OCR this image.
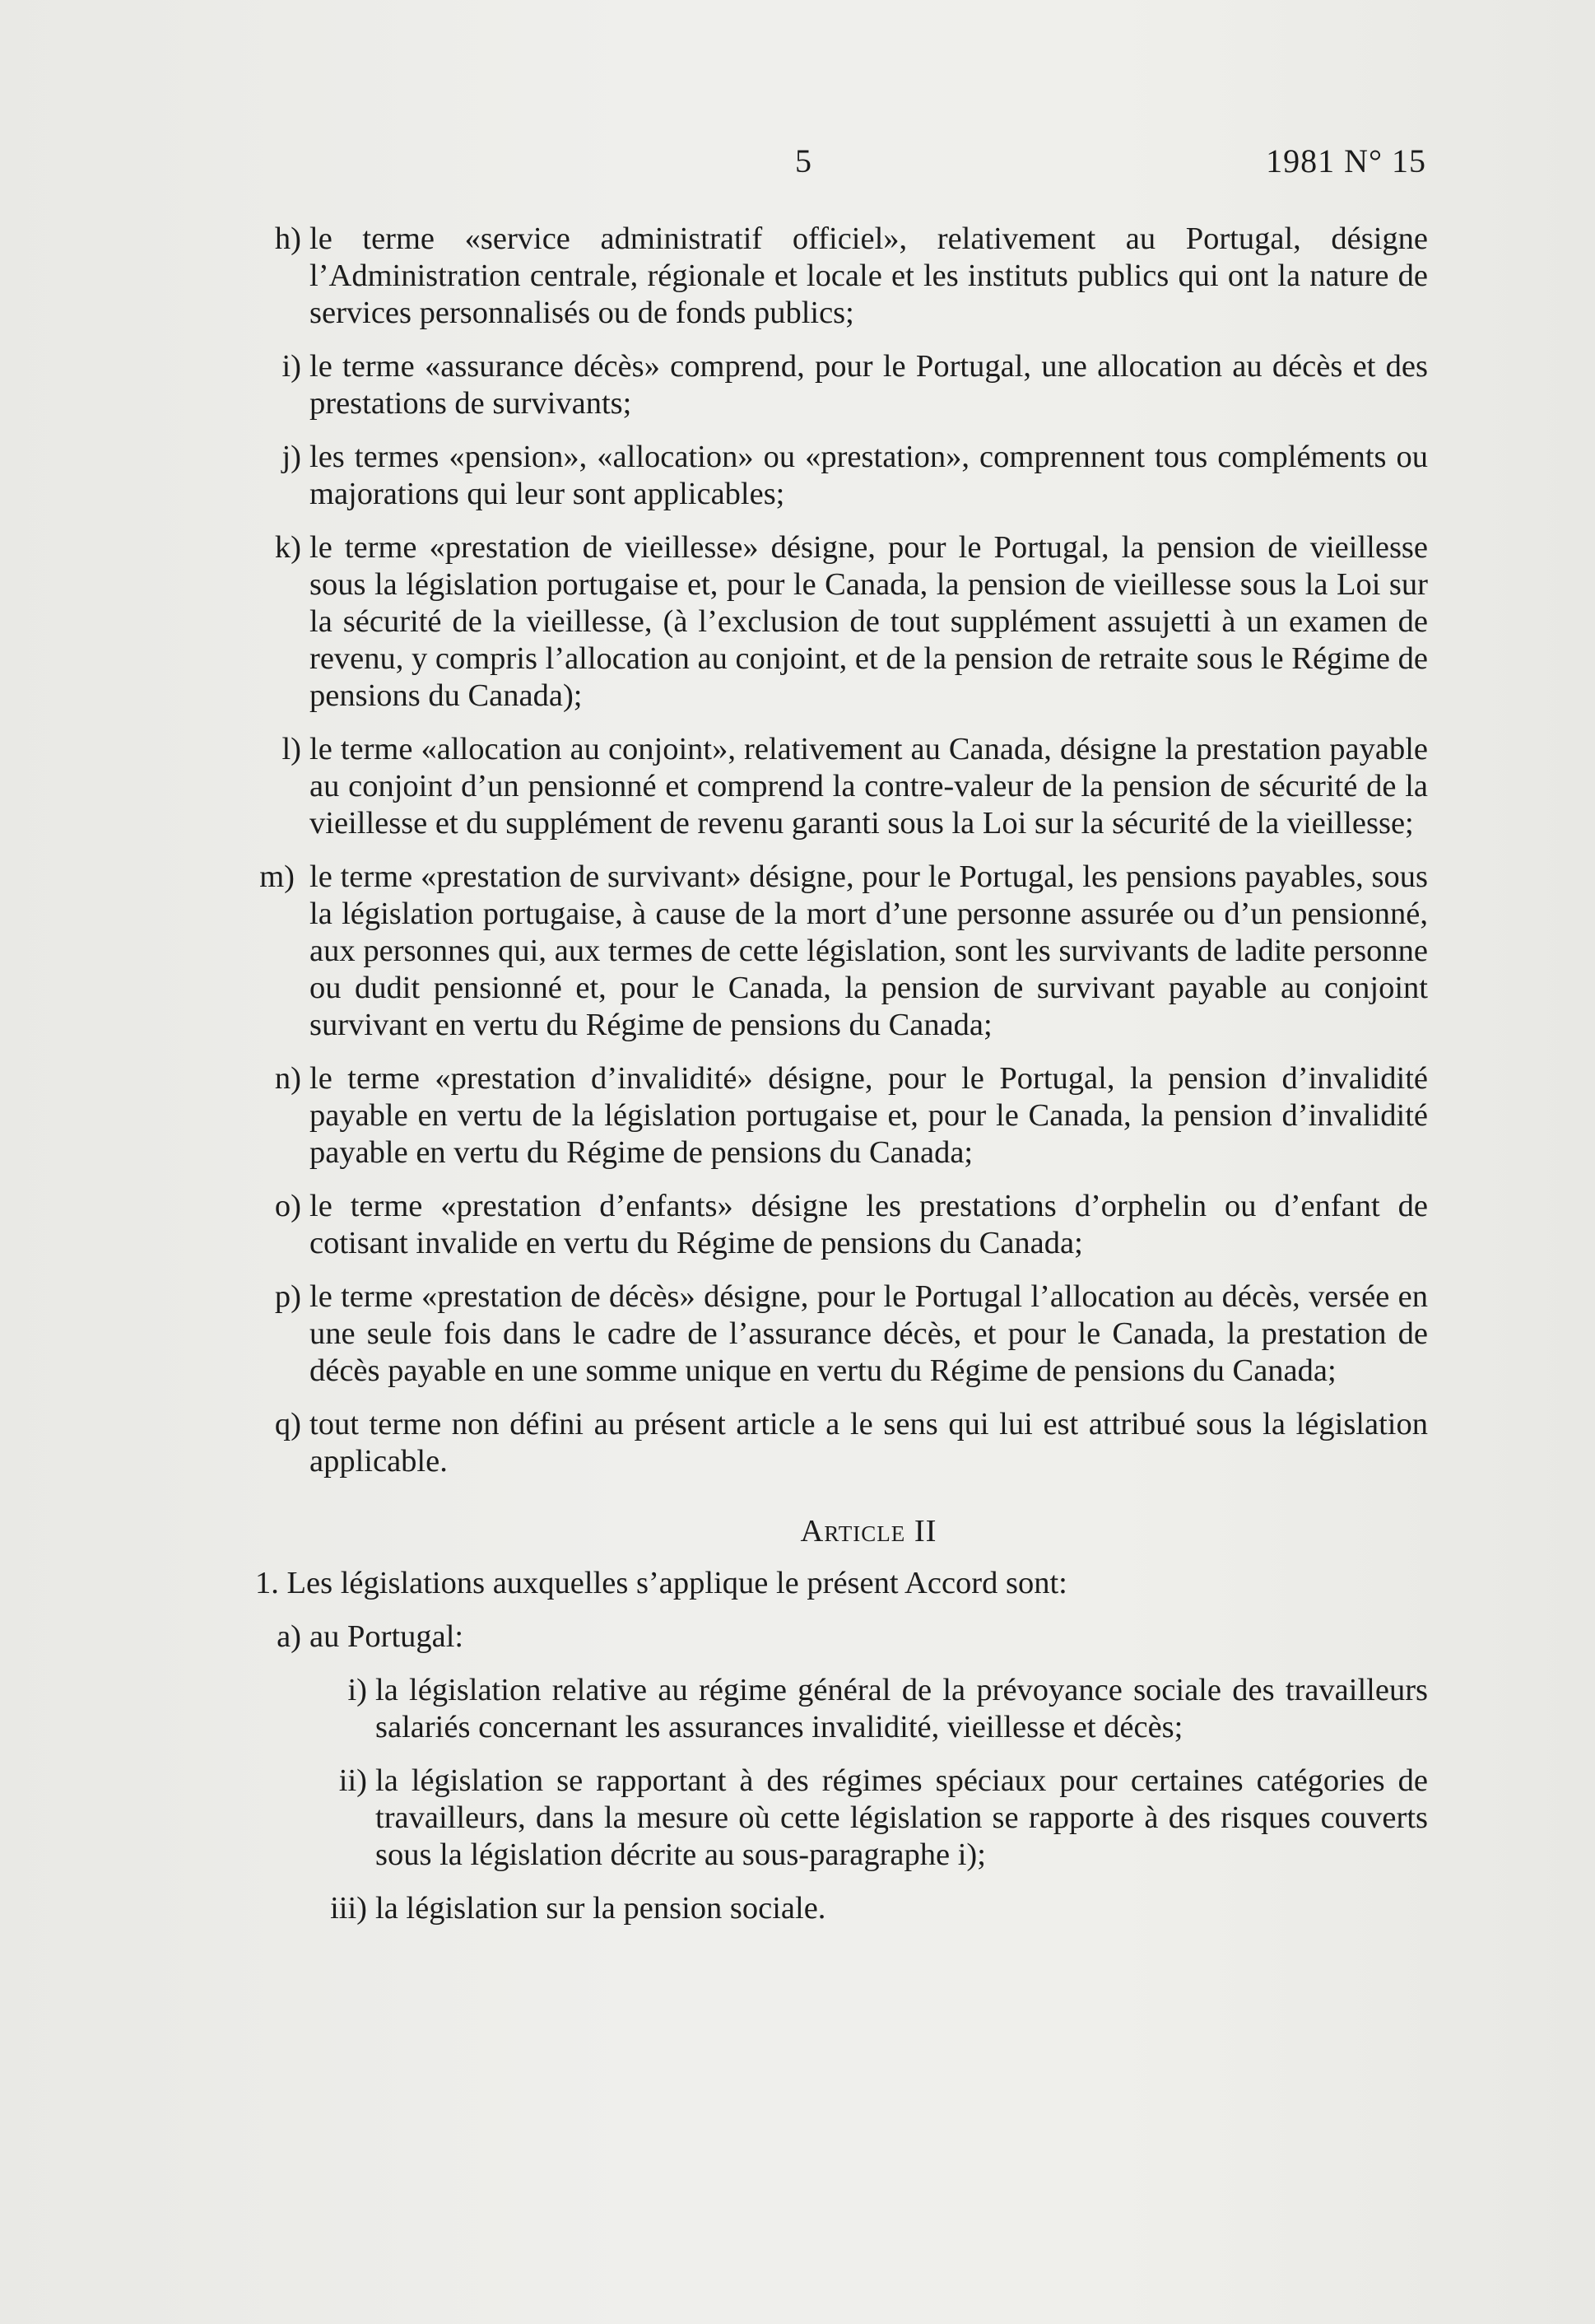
5	1981 N° 15
h) le terme «service administratif officiel», relativement au Portugal, désigne l’Administration centrale, régionale et locale et les instituts publics qui ont la nature de services personnalisés ou de fonds publics;
i) le terme «assurance décès» comprend, pour le Portugal, une allocation au décès et des prestations de survivants;
j) les termes «pension», «allocation» ou «prestation», comprennent tous compléments ou majorations qui leur sont applicables;
k) le terme «prestation de vieillesse» désigne, pour le Portugal, la pension de vieillesse sous la législation portugaise et, pour le Canada, la pension de vieillesse sous la Loi sur la sécurité de la vieillesse, (à l’exclusion de tout supplément assujetti à un examen de revenu, y compris l’allocation au conjoint, et de la pension de retraite sous le Régime de pensions du Canada);
l) le terme «allocation au conjoint», relativement au Canada, désigne la prestation payable au conjoint d’un pensionné et comprend la contre-valeur de la pension de sécurité de la vieillesse et du supplément de revenu garanti sous la Loi sur la sécurité de la vieillesse;
m) le terme «prestation de survivant» désigne, pour le Portugal, les pensions payables, sous la législation portugaise, à cause de la mort d’une personne assurée ou d’un pensionné, aux personnes qui, aux termes de cette législation, sont les survivants de ladite personne ou dudit pensionné et, pour le Canada, la pension de survivant payable au conjoint survivant en vertu du Régime de pensions du Canada;
n) le terme «prestation d’invalidité» désigne, pour le Portugal, la pension d’invalidité payable en vertu de la législation portugaise et, pour le Canada, la pension d’invalidité payable en vertu du Régime de pensions du Canada;
o) le terme «prestation d’enfants» désigne les prestations d’orphelin ou d’enfant de cotisant invalide en vertu du Régime de pensions du Canada;
p) le terme «prestation de décès» désigne, pour le Portugal l’allocation au décès, versée en une seule fois dans le cadre de l’assurance décès, et pour le Canada, la prestation de décès payable en une somme unique en vertu du Régime de pensions du Canada;
q) tout terme non défini au présent article a le sens qui lui est attribué sous la législation applicable.
Article II
1. Les législations auxquelles s’applique le présent Accord sont:
a) au Portugal:
i) la législation relative au régime général de la prévoyance sociale des travailleurs salariés concernant les assurances invalidité, vieillesse et décès;
ii) la législation se rapportant à des régimes spéciaux pour certaines catégories de travailleurs, dans la mesure où cette législation se rapporte à des risques couverts sous la législation décrite au sous-paragraphe i);
iii) la législation sur la pension sociale.
